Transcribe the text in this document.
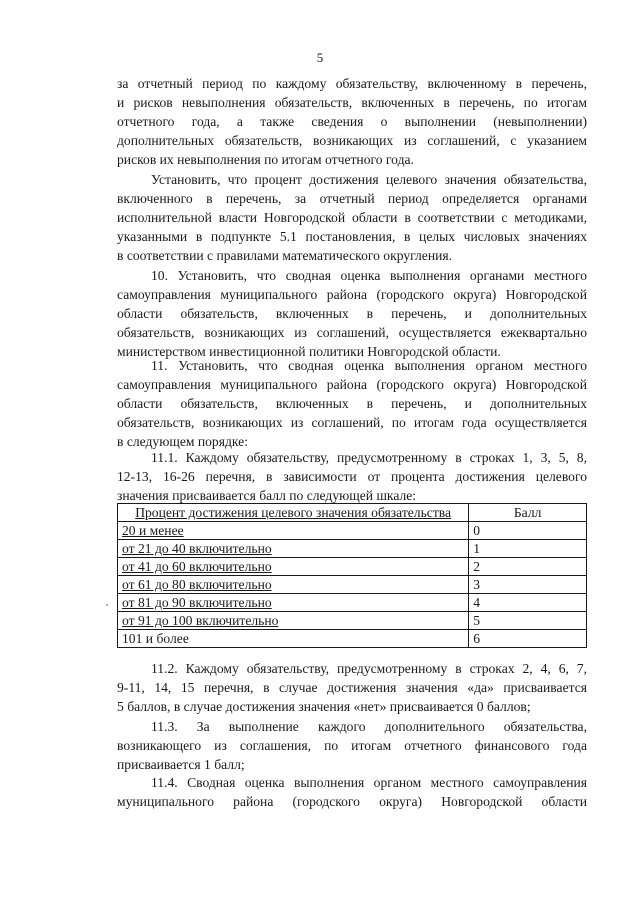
5
за отчетный период по каждому обязательству, включенному в перечень,
и рисков невыполнения обязательств, включенных в перечень, по итогам
отчетного года, а также сведения о выполнении (невыполнении)
дополнительных обязательств, возникающих из соглашений, с указанием
рисков их невыполнения по итогам отчетного года.
Установить, что процент достижения целевого значения обязательства,
включенного в перечень, за отчетный период определяется органами
исполнительной власти Новгородской области в соответствии с методиками,
указанными в подпункте 5.1 постановления, в целых числовых значениях
в соответствии с правилами математического округления.
10. Установить, что сводная оценка выполнения органами местного
самоуправления муниципального района (городского округа) Новгородской
области обязательств, включенных в перечень, и дополнительных
обязательств, возникающих из соглашений, осуществляется ежеквартально
министерством инвестиционной политики Новгородской области.
11. Установить, что сводная оценка выполнения органом местного
самоуправления муниципального района (городского округа) Новгородской
области обязательств, включенных в перечень, и дополнительных
обязательств, возникающих из соглашений, по итогам года осуществляется
в следующем порядке:
11.1. Каждому обязательству, предусмотренному в строках 1, 3, 5, 8,
12-13, 16-26 перечня, в зависимости от процента достижения целевого
значения присваивается балл по следующей шкале:
Процент достижения целевого значения обязательства	Балл
20 и менее	0
от 21 до 40 включительно	1
от 41 до 60 включительно	2
от 61 до 80 включительно	3
от 81 до 90 включительно	4
от 91 до 100 включительно	5
101 и более	6
11.2. Каждому обязательству, предусмотренному в строках 2, 4, 6, 7,
9-11, 14, 15 перечня, в случае достижения значения «да» присваивается
5 баллов, в случае достижения значения «нет» присваивается 0 баллов;
11.3. За выполнение каждого дополнительного обязательства,
возникающего из соглашения, по итогам отчетного финансового года
присваивается 1 балл;
11.4. Сводная оценка выполнения органом местного самоуправления
муниципального района (городского округа) Новгородской области
